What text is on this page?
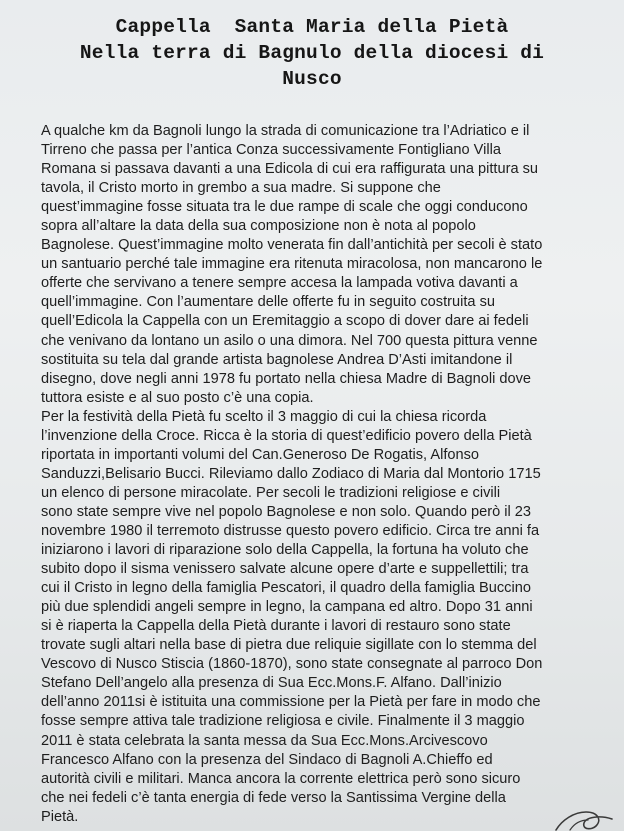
Cappella  Santa Maria della Pietà
Nella terra di Bagnulo della diocesi di
Nusco
A qualche km da Bagnoli lungo la strada di comunicazione tra l’Adriatico e il
Tirreno che passa per l’antica Conza successivamente Fontigliano Villa
Romana si passava davanti a una Edicola di cui era raffigurata una pittura su
tavola, il Cristo morto in grembo a sua madre. Si suppone che
quest’immagine fosse situata tra le due rampe di scale che oggi conducono
sopra all’altare la data della sua composizione non è nota al popolo
Bagnolese. Quest’immagine molto venerata fin dall’antichità per secoli è stato
un santuario perché tale immagine era ritenuta miracolosa, non mancarono le
offerte che servivano a tenere sempre accesa la lampada votiva davanti a
quell’immagine. Con l’aumentare delle offerte fu in seguito costruita su
quell’Edicola la Cappella con un Eremitaggio a scopo di dover dare ai fedeli
che venivano da lontano un asilo o una dimora. Nel 700 questa pittura venne
sostituita su tela dal grande artista bagnolese Andrea D’Asti imitandone il
disegno, dove negli anni 1978 fu portato nella chiesa Madre di Bagnoli dove
tuttora esiste e al suo posto c’è una copia.
Per la festività della Pietà fu scelto il 3 maggio di cui la chiesa ricorda
l’invenzione della Croce. Ricca è la storia di quest’edificio povero della Pietà
riportata in importanti volumi del Can.Generoso De Rogatis, Alfonso
Sanduzzi,Belisario Bucci. Rileviamo dallo Zodiaco di Maria dal Montorio 1715
un elenco di persone miracolate. Per secoli le tradizioni religiose e civili
sono state sempre vive nel popolo Bagnolese e non solo. Quando però il 23
novembre 1980 il terremoto distrusse questo povero edificio. Circa tre anni fa
iniziarono i lavori di riparazione solo della Cappella, la fortuna ha voluto che
subito dopo il sisma venissero salvate alcune opere d’arte e suppellettili; tra
cui il Cristo in legno della famiglia Pescatori, il quadro della famiglia Buccino
più due splendidi angeli sempre in legno, la campana ed altro. Dopo 31 anni
si è riaperta la Cappella della Pietà durante i lavori di restauro sono state
trovate sugli altari nella base di pietra due reliquie sigillate con lo stemma del
Vescovo di Nusco Stiscia (1860-1870), sono state consegnate al parroco Don
Stefano Dell’angelo alla presenza di Sua Ecc.Mons.F. Alfano. Dall’inizio
dell’anno 2011si è istituita una commissione per la Pietà per fare in modo che
fosse sempre attiva tale tradizione religiosa e civile. Finalmente il 3 maggio
2011 è stata celebrata la santa messa da Sua Ecc.Mons.Arcivescovo
Francesco Alfano con la presenza del Sindaco di Bagnoli A.Chieffo ed
autorità civili e militari. Manca ancora la corrente elettrica però sono sicuro
che nei fedeli c’è tanta energia di fede verso la Santissima Vergine della
Pietà.
